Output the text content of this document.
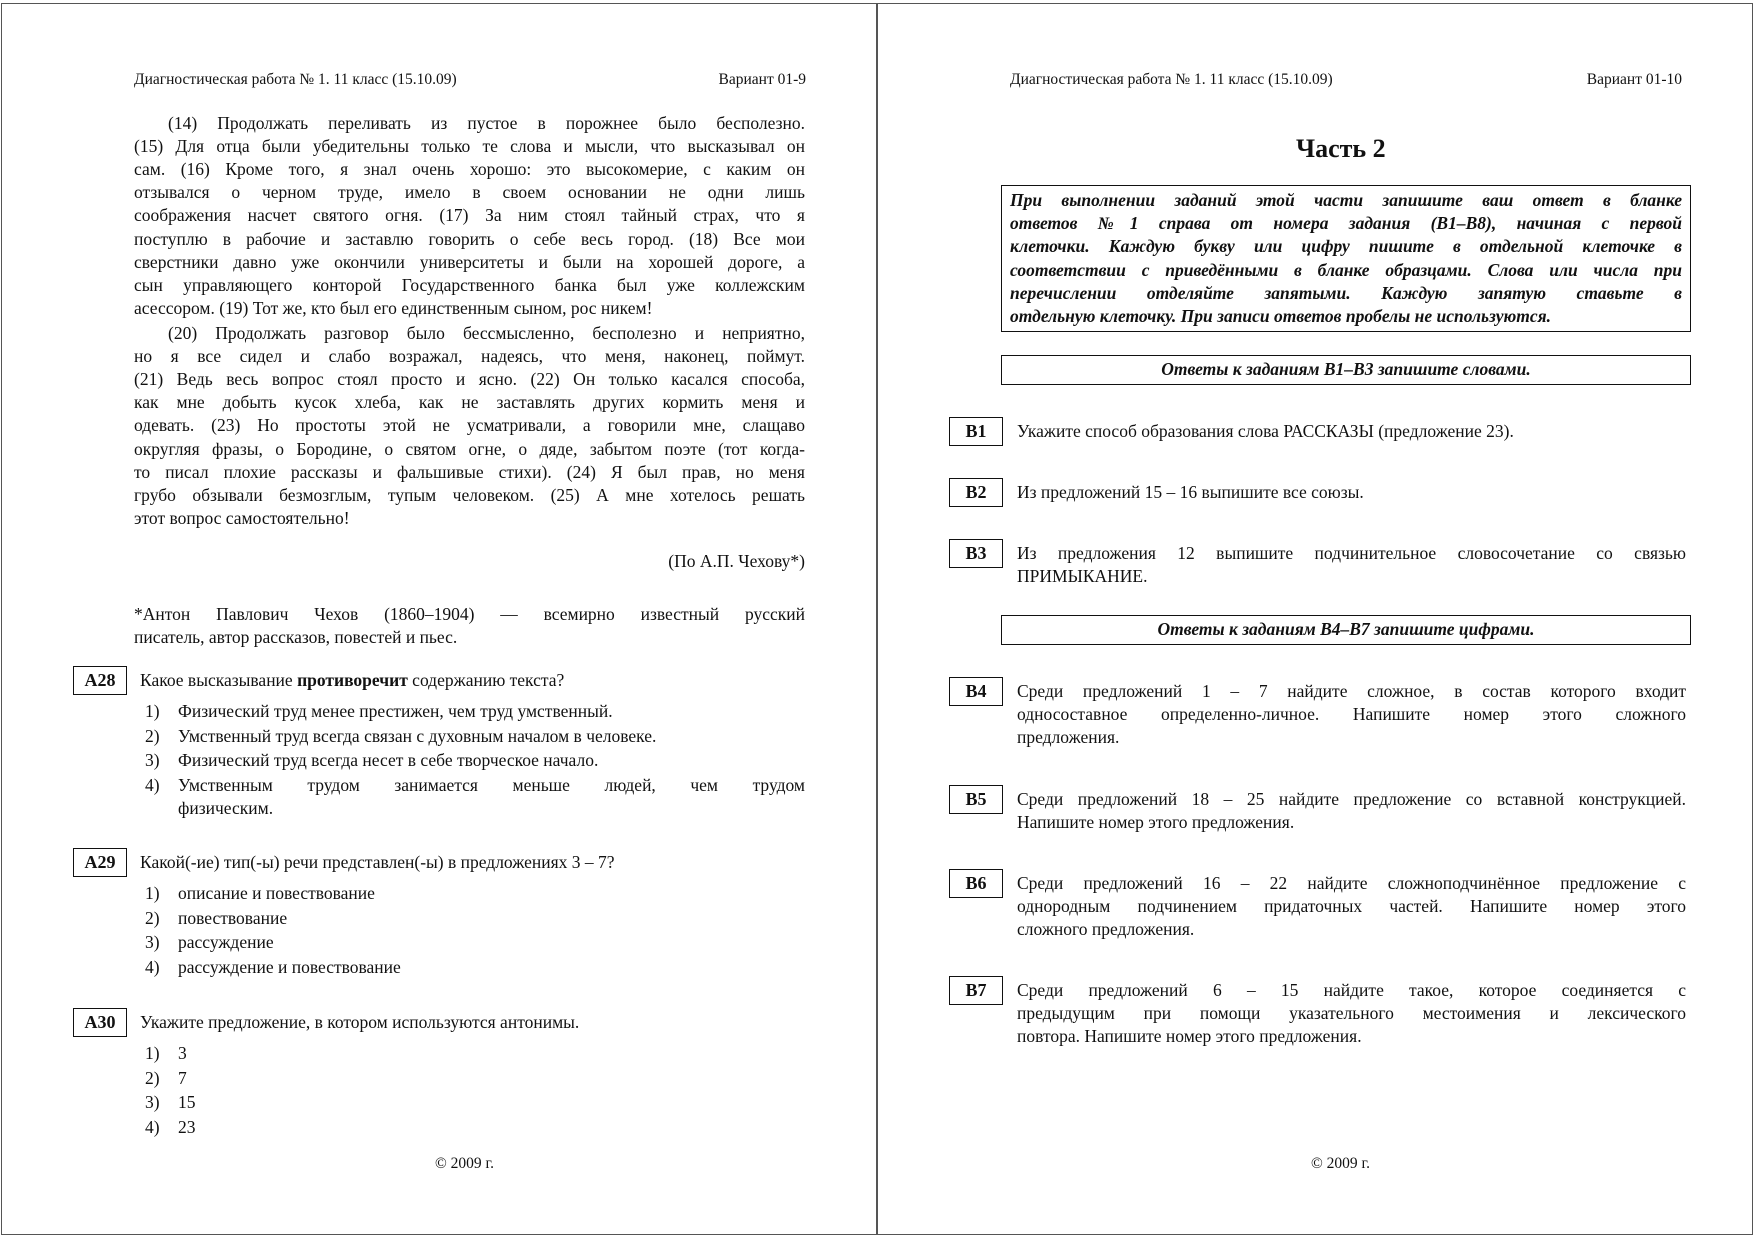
Диагностическая работа № 1. 11 класс (15.10.09)	Вариант 01-9
(14) Продолжать переливать из пустое в порожнее было бесполезно.
(15) Для отца были убедительны только те слова и мысли, что высказывал он
сам. (16) Кроме того, я знал очень хорошо: это высокомерие, с каким он
отзывался о черном труде, имело в своем основании не одни лишь
соображения насчет святого огня. (17) За ним стоял тайный страх, что я
поступлю в рабочие и заставлю говорить о себе весь город. (18) Все мои
сверстники давно уже окончили университеты и были на хорошей дороге, а
сын управляющего конторой Государственного банка был уже коллежским
асессором. (19) Тот же, кто был его единственным сыном, рос никем!
(20) Продолжать разговор было бессмысленно, бесполезно и неприятно,
но я все сидел и слабо возражал, надеясь, что меня, наконец, поймут.
(21) Ведь весь вопрос стоял просто и ясно. (22) Он только касался способа,
как мне добыть кусок хлеба, как не заставлять других кормить меня и
одевать. (23) Но простоты этой не усматривали, а говорили мне, слащаво
округляя фразы, о Бородине, о святом огне, о дяде, забытом поэте (тот когда-
то писал плохие рассказы и фальшивые стихи). (24) Я был прав, но меня
грубо обзывали безмозглым, тупым человеком. (25) А мне хотелось решать
этот вопрос самостоятельно!
(По А.П. Чехову*)
*Антон Павлович Чехов (1860–1904) — всемирно известный русский
писатель, автор рассказов, повестей и пьес.
A28	Какое высказывание противоречит содержанию текста?
1) Физический труд менее престижен, чем труд умственный.
2) Умственный труд всегда связан с духовным началом в человеке.
3) Физический труд всегда несет в себе творческое начало.
4) Умственным трудом занимается меньше людей, чем трудом
физическим.
A29	Какой(-ие) тип(-ы) речи представлен(-ы) в предложениях 3 – 7?
1) описание и повествование
2) повествование
3) рассуждение
4) рассуждение и повествование
A30	Укажите предложение, в котором используются антонимы.
1) 3
2) 7
3) 15
4) 23
© 2009 г.
Диагностическая работа № 1. 11 класс (15.10.09)	Вариант 01-10
Часть 2
При выполнении заданий этой части запишите ваш ответ в бланке
ответов №1 справа от номера задания (В1–В8), начиная с первой
клеточки. Каждую букву или цифру пишите в отдельной клеточке в
соответствии с приведёнными в бланке образцами. Слова или числа при
перечислении отделяйте запятыми. Каждую запятую ставьте в
отдельную клеточку. При записи ответов пробелы не используются.
Ответы к заданиям В1–В3 запишите словами.
Ответы к заданиям В4–В7 запишите цифрами.
B1	Укажите способ образования слова РАССКАЗЫ (предложение 23).
B2	Из предложений 15 – 16 выпишите все союзы.
B3	Из предложения 12 выпишите подчинительное словосочетание со связью
ПРИМЫКАНИЕ.
B4	Среди предложений 1 – 7 найдите сложное, в состав которого входит
односоставное определенно-личное. Напишите номер этого сложного
предложения.
B5	Среди предложений 18 – 25 найдите предложение со вставной конструкцией.
Напишите номер этого предложения.
B6	Среди предложений 16 – 22 найдите сложноподчинённое предложение с
однородным подчинением придаточных частей. Напишите номер этого
сложного предложения.
B7	Среди предложений 6 – 15 найдите такое, которое соединяется с
предыдущим при помощи указательного местоимения и лексического
повтора. Напишите номер этого предложения.
© 2009 г.
